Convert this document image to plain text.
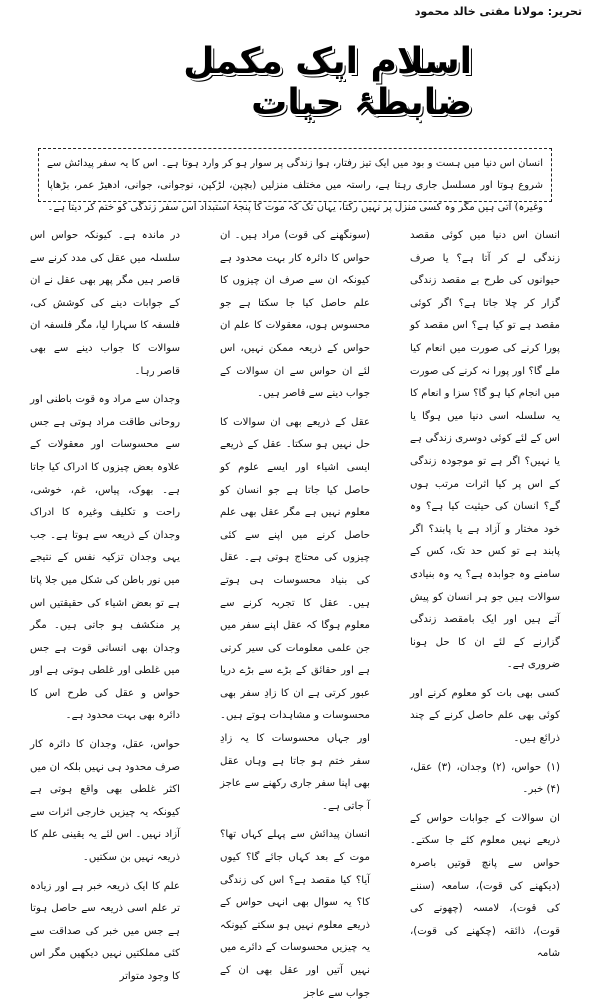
تحریر: مولانا مفتی خالد محمود
اسلام ایک مکمل ضابطۂ حیات
انسان اس دنیا میں ہست و بود میں ایک تیز رفتار، ہوا زندگی پر سوار ہو کر وارد ہوتا ہے۔ اس کا یہ سفر پیدائش سے شروع ہوتا اور مسلسل جاری رہتا ہے، راستہ میں مختلف منزلیں (بچپن، لڑکپن، نوجوانی، جوانی، ادھیڑ عمر، بڑھاپا وغیرہ) آتی ہیں مگر وہ کسی منزل پر نہیں رکتا، یہاں تک کہ موت کا پنجۂ استبداد اس سفر زندگی کو ختم کر دیتا ہے۔

انسان اس دنیا میں کوئی مقصد زندگی لے کر آتا ہے؟ یا صرف حیوانوں کی طرح بے مقصد زندگی گزار کر چلا جاتا ہے؟ اگر کوئی مقصد ہے تو کیا ہے؟ اس مقصد کو پورا کرنے کی صورت میں انعام کیا ملے گا؟ اور پورا نہ کرنے کی صورت میں انجام کیا ہو گا؟ سزا و انعام کا یہ سلسلہ اسی دنیا میں ہوگا یا اس کے لئے کوئی دوسری زندگی ہے یا نہیں؟ اگر ہے تو موجودہ زندگی کے اس پر کیا اثرات مرتب ہوں گے؟ انسان کی حیثیت کیا ہے؟ وہ خود مختار و آزاد ہے یا پابند؟ اگر پابند ہے تو کس حد تک، کس کے سامنے وہ جوابدہ ہے؟ یہ وہ بنیادی سوالات ہیں جو ہر انسان کو پیش آتے ہیں اور ایک بامقصد زندگی گزارنے کے لئے ان کا حل ہونا ضروری ہے۔

کسی بھی بات کو معلوم کرنے اور کوئی بھی علم حاصل کرنے کے چند ذرائع ہیں۔

(۱) حواس، (۲) وجدان، (۳) عقل، (۴) خبر۔

ان سوالات کے جوابات حواس کے ذریعے نہیں معلوم کئے جا سکتے۔ حواس سے پانچ قوتیں باصرہ (دیکھنے کی قوت)، سامعہ (سننے کی قوت)، لامسہ (چھونے کی قوت)، ذائقہ (چکھنے کی قوت)، شامہ

(سونگھنے کی قوت) مراد ہیں۔ ان حواس کا دائرہ کار بہت محدود ہے کیونکہ ان سے صرف ان چیزوں کا علم حاصل کیا جا سکتا ہے جو محسوس ہوں، معقولات کا علم ان حواس کے ذریعہ ممکن نہیں، اس لئے ان حواس سے ان سوالات کے جواب دینے سے قاصر ہیں۔

عقل کے ذریعے بھی ان سوالات کا حل نہیں ہو سکتا۔ عقل کے ذریعے ایسی اشیاء اور ایسے علوم کو حاصل کیا جاتا ہے جو انسان کو معلوم نہیں ہے مگر عقل بھی علم حاصل کرنے میں اپنے سے کئی چیزوں کی محتاج ہوتی ہے۔ عقل کی بنیاد محسوسات ہی ہوتے ہیں۔ عقل کا تجربہ کرنے سے معلوم ہوگا کہ عقل اپنے سفر میں جن علمی معلومات کی سیر کرتی ہے اور حقائق کے بڑے سے بڑے دریا عبور کرتی ہے ان کا زادِ سفر بھی محسوسات و مشاہدات ہوتے ہیں۔ اور جہاں محسوسات کا یہ زادِ سفر ختم ہو جاتا ہے وہاں عقل بھی اپنا سفر جاری رکھنے سے عاجز آ جاتی ہے۔

انسان پیدائش سے پہلے کہاں تھا؟ موت کے بعد کہاں جائے گا؟ کیوں آیا؟ کیا مقصد ہے؟ اس کی زندگی کا؟ یہ سوال بھی انہی حواس کے ذریعے معلوم نہیں ہو سکتے کیونکہ یہ چیزیں محسوسات کے دائرے میں نہیں آتیں اور عقل بھی ان کے جواب سے عاجز

در ماندہ ہے۔ کیونکہ حواس اس سلسلہ میں عقل کی مدد کرنے سے قاصر ہیں مگر پھر بھی عقل نے ان کے جوابات دینے کی کوشش کی، فلسفہ کا سہارا لیا، مگر فلسفہ ان سوالات کا جواب دینے سے بھی قاصر رہا۔

وجدان سے مراد وہ قوت باطنی اور روحانی طاقت مراد ہوتی ہے جس سے محسوسات اور معقولات کے علاوہ بعض چیزوں کا ادراک کیا جاتا ہے۔ بھوک، پیاس، غم، خوشی، راحت و تکلیف وغیرہ کا ادراک وجدان کے ذریعہ سے ہوتا ہے۔ جب یہی وجدان تزکیہ نفس کے نتیجے میں نور باطن کی شکل میں جلا پاتا ہے تو بعض اشیاء کی حقیقتیں اس پر منکشف ہو جاتی ہیں۔ مگر وجدان بھی انسانی قوت ہے جس میں غلطی اور غلطی ہوتی ہے اور حواس و عقل کی طرح اس کا دائرہ بھی بہت محدود ہے۔

حواس، عقل، وجدان کا دائرہ کار صرف محدود ہی نہیں بلکہ ان میں اکثر غلطی بھی واقع ہوتی ہے کیونکہ یہ چیزیں خارجی اثرات سے آزاد نہیں۔ اس لئے یہ یقینی علم کا ذریعہ نہیں بن سکتیں۔

علم کا ایک ذریعہ خبر ہے اور زیادہ تر علم اسی ذریعہ سے حاصل ہوتا ہے جس میں خبر کی صداقت سے کئی مملکتیں نہیں دیکھیں مگر اس کا وجود متواتر
